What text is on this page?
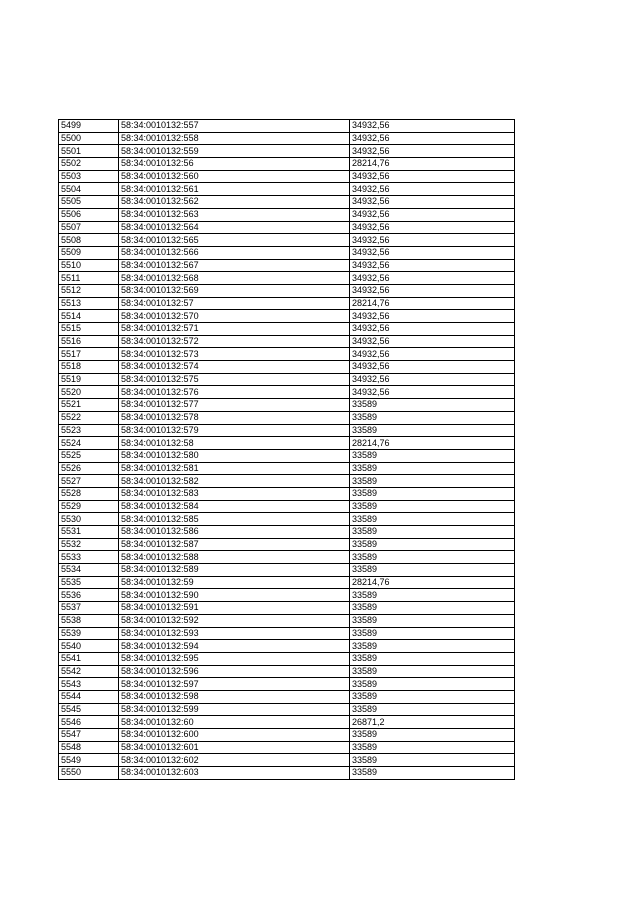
5499	58:34:0010132:557	34932,56
5500	58:34:0010132:558	34932,56
5501	58:34:0010132:559	34932,56
5502	58:34:0010132:56	28214,76
5503	58:34:0010132:560	34932,56
5504	58:34:0010132:561	34932,56
5505	58:34:0010132:562	34932,56
5506	58:34:0010132:563	34932,56
5507	58:34:0010132:564	34932,56
5508	58:34:0010132:565	34932,56
5509	58:34:0010132:566	34932,56
5510	58:34:0010132:567	34932,56
5511	58:34:0010132:568	34932,56
5512	58:34:0010132:569	34932,56
5513	58:34:0010132:57	28214,76
5514	58:34:0010132:570	34932,56
5515	58:34:0010132:571	34932,56
5516	58:34:0010132:572	34932,56
5517	58:34:0010132:573	34932,56
5518	58:34:0010132:574	34932,56
5519	58:34:0010132:575	34932,56
5520	58:34:0010132:576	34932,56
5521	58:34:0010132:577	33589
5522	58:34:0010132:578	33589
5523	58:34:0010132:579	33589
5524	58:34:0010132:58	28214,76
5525	58:34:0010132:580	33589
5526	58:34:0010132:581	33589
5527	58:34:0010132:582	33589
5528	58:34:0010132:583	33589
5529	58:34:0010132:584	33589
5530	58:34:0010132:585	33589
5531	58:34:0010132:586	33589
5532	58:34:0010132:587	33589
5533	58:34:0010132:588	33589
5534	58:34:0010132:589	33589
5535	58:34:0010132:59	28214,76
5536	58:34:0010132:590	33589
5537	58:34:0010132:591	33589
5538	58:34:0010132:592	33589
5539	58:34:0010132:593	33589
5540	58:34:0010132:594	33589
5541	58:34:0010132:595	33589
5542	58:34:0010132:596	33589
5543	58:34:0010132:597	33589
5544	58:34:0010132:598	33589
5545	58:34:0010132:599	33589
5546	58:34:0010132:60	26871,2
5547	58:34:0010132:600	33589
5548	58:34:0010132:601	33589
5549	58:34:0010132:602	33589
5550	58:34:0010132:603	33589
